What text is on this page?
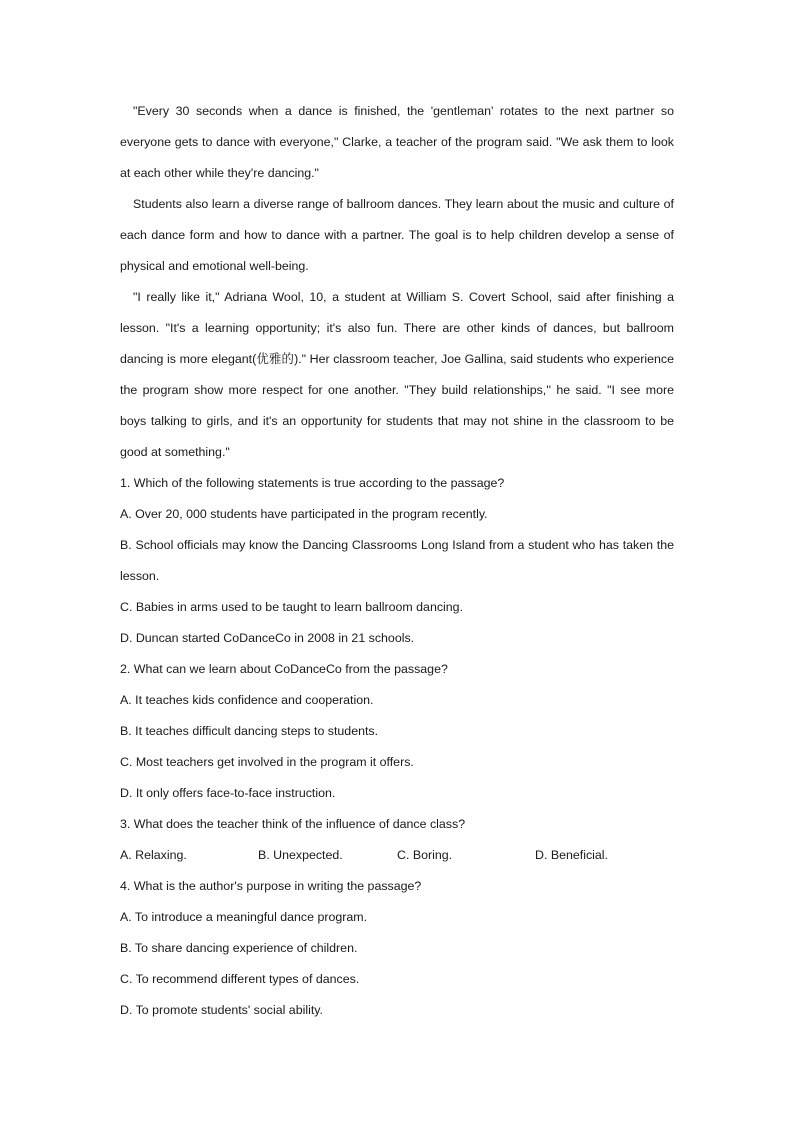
"Every 30 seconds when a dance is finished, the 'gentleman' rotates to the next partner so everyone gets to dance with everyone," Clarke, a teacher of the program said. "We ask them to look at each other while they're dancing."

Students also learn a diverse range of ballroom dances. They learn about the music and culture of each dance form and how to dance with a partner. The goal is to help children develop a sense of physical and emotional well-being.

"I really like it," Adriana Wool, 10, a student at William S. Covert School, said after finishing a lesson. "It's a learning opportunity; it's also fun. There are other kinds of dances, but ballroom dancing is more elegant(优雅的)." Her classroom teacher, Joe Gallina, said students who experience the program show more respect for one another. "They build relationships,'' he said. "I see more boys talking to girls, and it's an opportunity for students that may not shine in the classroom to be good at something."

1. Which of the following statements is true according to the passage?

A. Over 20, 000 students have participated in the program recently.

B. School officials may know the Dancing Classrooms Long Island from a student who has taken the lesson.

C. Babies in arms used to be taught to learn ballroom dancing.

D. Duncan started CoDanceCo in 2008 in 21 schools.

2. What can we learn about CoDanceCo from the passage?

A. It teaches kids confidence and cooperation.

B. It teaches difficult dancing steps to students.

C. Most teachers get involved in the program it offers.

D. It only offers face-to-face instruction.

3. What does the teacher think of the influence of dance class?

A. Relaxing.	B. Unexpected.	C. Boring.	D. Beneficial.

4. What is the author's purpose in writing the passage?

A. To introduce a meaningful dance program.

B. To share dancing experience of children.

C. To recommend different types of dances.

D. To promote students' social ability.
